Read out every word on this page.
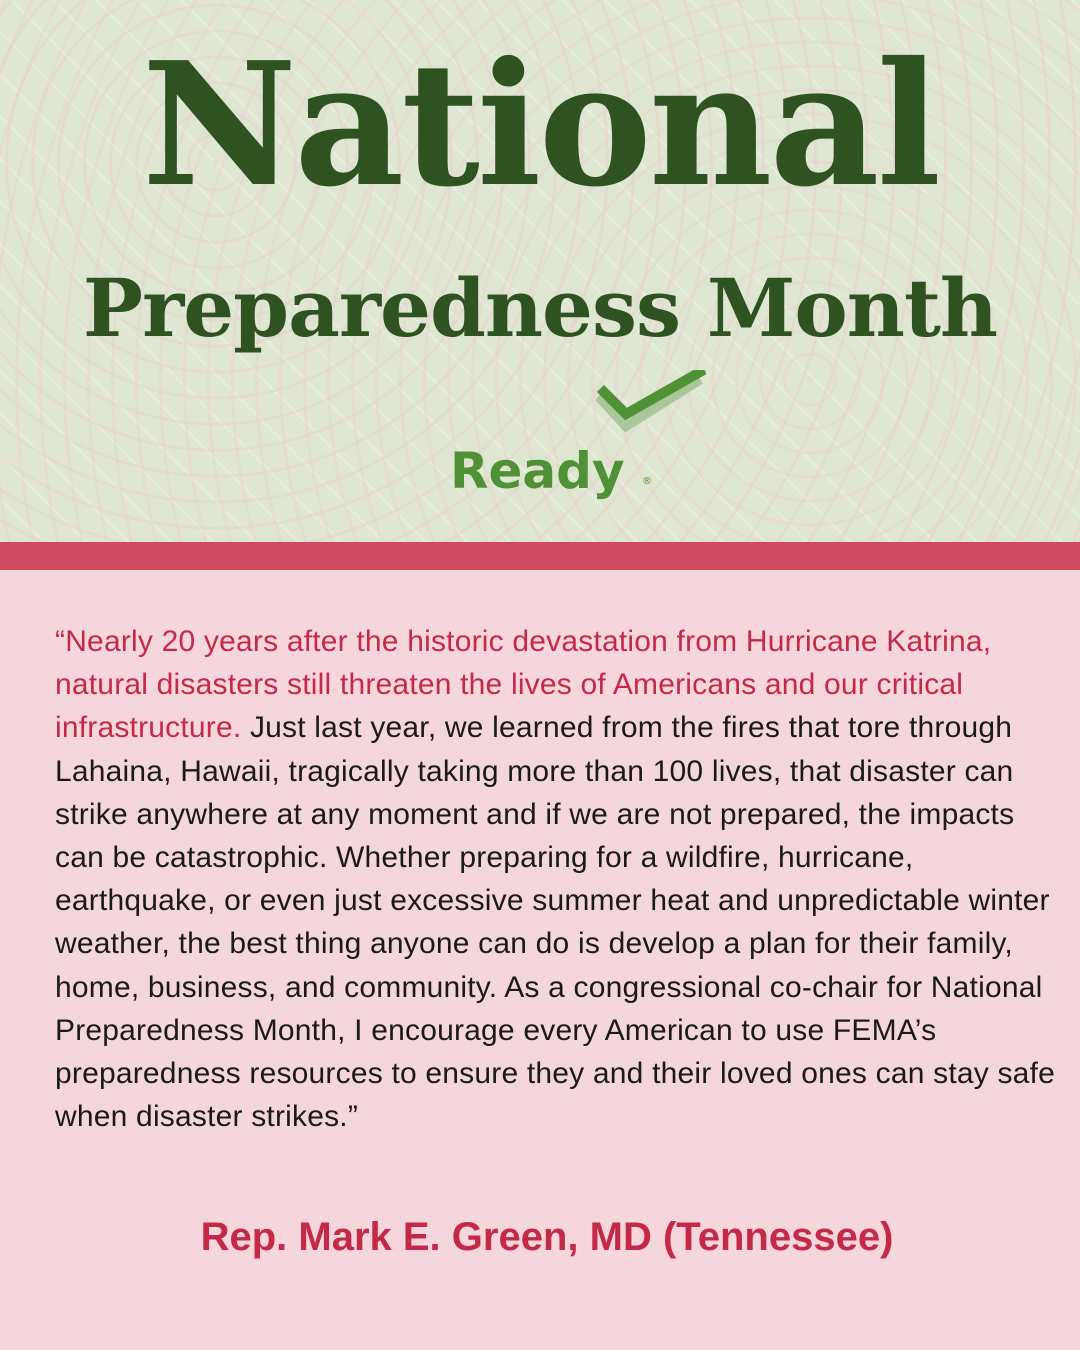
National
Preparedness Month
Ready ®
“Nearly 20 years after the historic devastation from Hurricane Katrina, natural disasters still threaten the lives of Americans and our critical infrastructure. Just last year, we learned from the fires that tore through Lahaina, Hawaii, tragically taking more than 100 lives, that disaster can strike anywhere at any moment and if we are not prepared, the impacts can be catastrophic. Whether preparing for a wildfire, hurricane, earthquake, or even just excessive summer heat and unpredictable winter weather, the best thing anyone can do is develop a plan for their family, home, business, and community. As a congressional co-chair for National Preparedness Month, I encourage every American to use FEMA’s preparedness resources to ensure they and their loved ones can stay safe when disaster strikes.”
Rep. Mark E. Green, MD (Tennessee)
